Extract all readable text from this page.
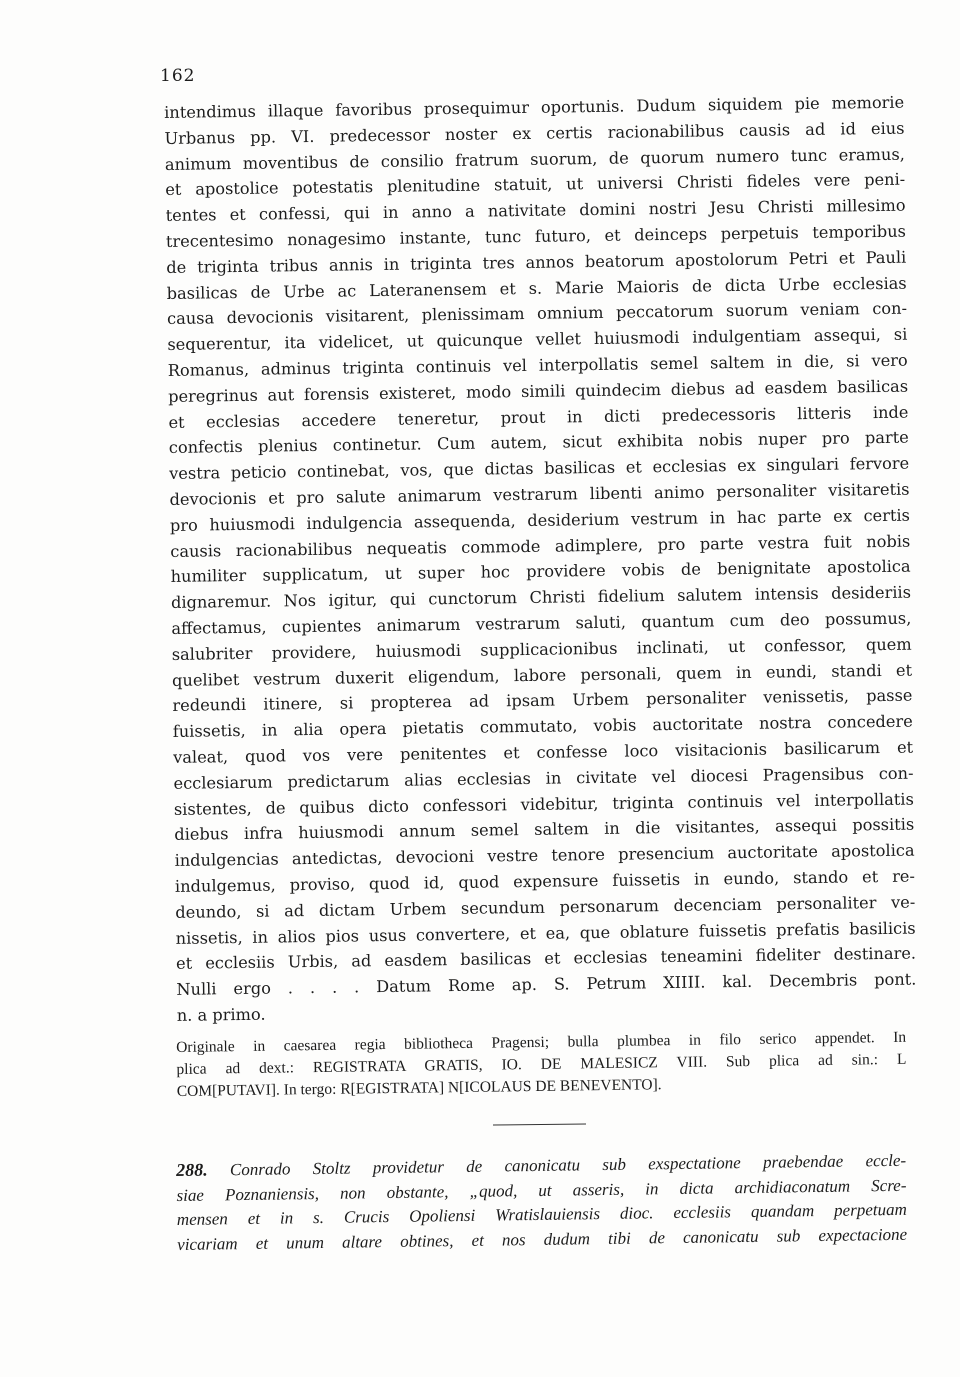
162
intendimus illaque favoribus prosequimur oportunis. Dudum siquidem pie memorie
Urbanus pp. VI. predecessor noster ex certis racionabilibus causis ad id eius
animum moventibus de consilio fratrum suorum, de quorum numero tunc eramus,
et apostolice potestatis plenitudine statuit, ut universi Christi fideles vere peni-
tentes et confessi, qui in anno a nativitate domini nostri Jesu Christi millesimo
trecentesimo nonagesimo instante, tunc futuro, et deinceps perpetuis temporibus
de triginta tribus annis in triginta tres annos beatorum apostolorum Petri et Pauli
basilicas de Urbe ac Lateranensem et s. Marie Maioris de dicta Urbe ecclesias
causa devocionis visitarent, plenissimam omnium peccatorum suorum veniam con-
sequerentur, ita videlicet, ut quicunque vellet huiusmodi indulgentiam assequi, si
Romanus, adminus triginta continuis vel interpollatis semel saltem in die, si vero
peregrinus aut forensis existeret, modo simili quindecim diebus ad easdem basilicas
et ecclesias accedere teneretur, prout in dicti predecessoris litteris inde
confectis plenius continetur. Cum autem, sicut exhibita nobis nuper pro parte
vestra peticio continebat, vos, que dictas basilicas et ecclesias ex singulari fervore
devocionis et pro salute animarum vestrarum libenti animo personaliter visitaretis
pro huiusmodi indulgencia assequenda, desiderium vestrum in hac parte ex certis
causis racionabilibus nequeatis commode adimplere, pro parte vestra fuit nobis
humiliter supplicatum, ut super hoc providere vobis de benignitate apostolica
dignaremur. Nos igitur, qui cunctorum Christi fidelium salutem intensis desideriis
affectamus, cupientes animarum vestrarum saluti, quantum cum deo possumus,
salubriter providere, huiusmodi supplicacionibus inclinati, ut confessor, quem
quelibet vestrum duxerit eligendum, labore personali, quem in eundi, standi et
redeundi itinere, si propterea ad ipsam Urbem personaliter venissetis, passe
fuissetis, in alia opera pietatis commutato, vobis auctoritate nostra concedere
valeat, quod vos vere penitentes et confesse loco visitacionis basilicarum et
ecclesiarum predictarum alias ecclesias in civitate vel diocesi Pragensibus con-
sistentes, de quibus dicto confessori videbitur, triginta continuis vel interpollatis
diebus infra huiusmodi annum semel saltem in die visitantes, assequi possitis
indulgencias antedictas, devocioni vestre tenore presencium auctoritate apostolica
indulgemus, proviso, quod id, quod expensure fuissetis in eundo, stando et re-
deundo, si ad dictam Urbem secundum personarum decenciam personaliter ve-
nissetis, in alios pios usus convertere, et ea, que oblature fuissetis prefatis basilicis
et ecclesiis Urbis, ad easdem basilicas et ecclesias teneamini fideliter destinare.
Nulli ergo . . . . Datum Rome ap. S. Petrum XIIII. kal. Decembris pont.
n. a primo.
Originale in caesarea regia bibliotheca Pragensi; bulla plumbea in filo serico appendet. In
plica ad dext.: REGISTRATA GRATIS, IO. DE MALESICZ VIII. Sub plica ad sin.: L
COM[PUTAVI]. In tergo: R[EGISTRATA] N[ICOLAUS DE BENEVENTO].
288. Conrado Stoltz providetur de canonicatu sub exspectatione praebendae eccle-
siae Poznaniensis, non obstante, „quod, ut asseris, in dicta archidiaconatum Scre-
mensen et in s. Crucis Opoliensi Wratislauiensis dioc. ecclesiis quandam perpetuam
vicariam et unum altare obtines, et nos dudum tibi de canonicatu sub expectacione
